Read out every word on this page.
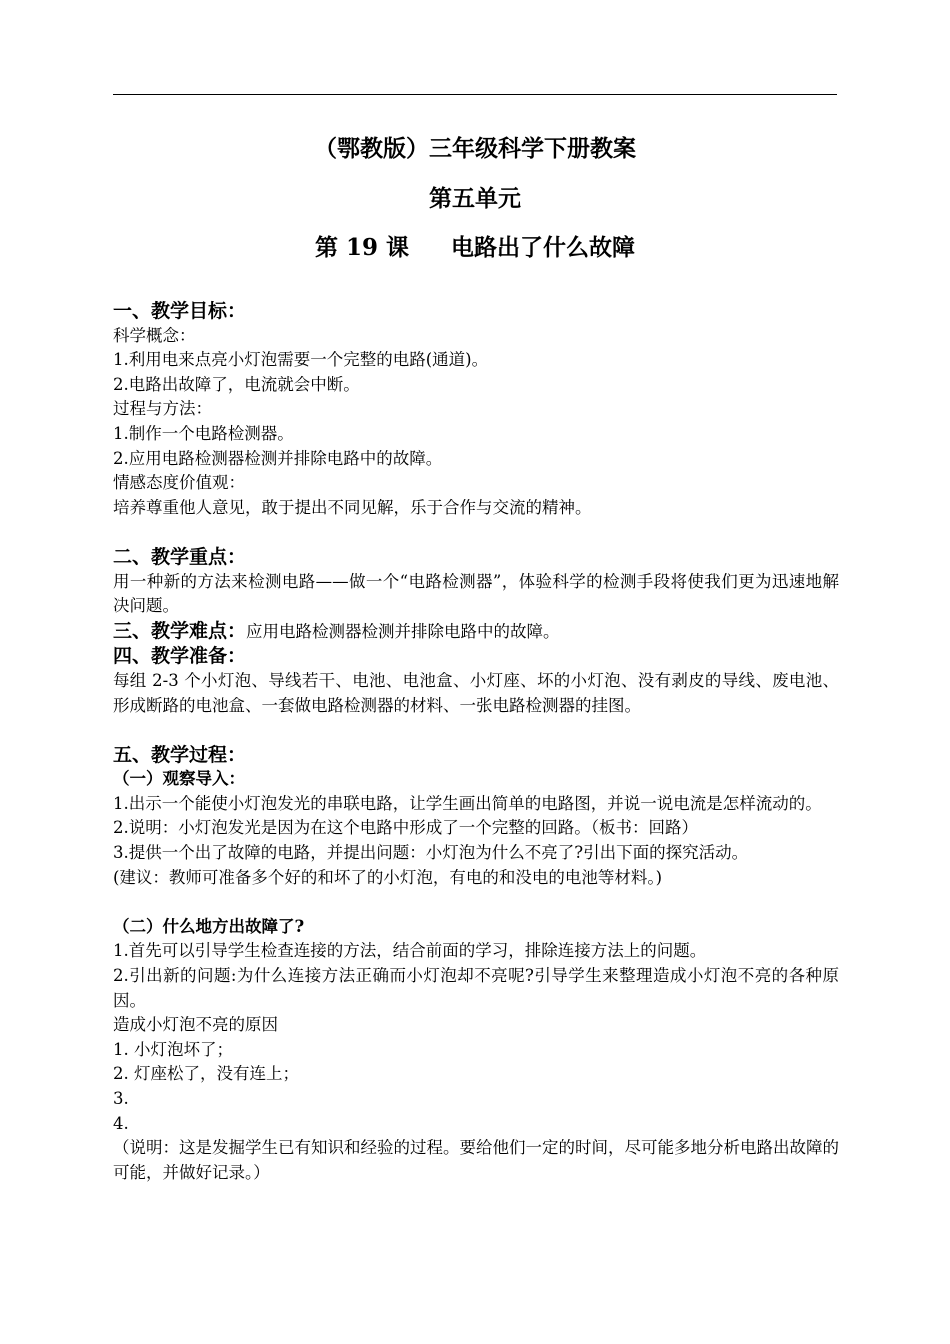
（鄂教版）三年级科学下册教案
第五单元
第 19 课 电路出了什么故障

一、教学目标：

科学概念：

1.利用电来点亮小灯泡需要一个完整的电路(通道)。

2.电路出故障了，电流就会中断。

过程与方法：

1.制作一个电路检测器。

2.应用电路检测器检测并排除电路中的故障。

情感态度价值观：

培养尊重他人意见，敢于提出不同见解，乐于合作与交流的精神。

二、教学重点：

用一种新的方法来检测电路——做一个“电路检测器”，体验科学的检测手段将使我们更为迅速地解决问题。

三、教学难点：应用电路检测器检测并排除电路中的故障。

四、教学准备：

每组 2-3 个小灯泡、导线若干、电池、电池盒、小灯座、坏的小灯泡、没有剥皮的导线、废电池、形成断路的电池盒、一套做电路检测器的材料、一张电路检测器的挂图。

五、教学过程：

（一）观察导入：

1.出示一个能使小灯泡发光的串联电路，让学生画出简单的电路图，并说一说电流是怎样流动的。

2.说明：小灯泡发光是因为在这个电路中形成了一个完整的回路。（板书：回路）

3.提供一个出了故障的电路，并提出问题：小灯泡为什么不亮了?引出下面的探究活动。

(建议：教师可准备多个好的和坏了的小灯泡，有电的和没电的电池等材料。)

（二）什么地方出故障了?

1.首先可以引导学生检查连接的方法，结合前面的学习，排除连接方法上的问题。

2.引出新的问题:为什么连接方法正确而小灯泡却不亮呢?引导学生来整理造成小灯泡不亮的各种原因。

造成小灯泡不亮的原因

1. 小灯泡坏了；

2. 灯座松了，没有连上；

3.

4.

（说明：这是发掘学生已有知识和经验的过程。要给他们一定的时间，尽可能多地分析电路出故障的可能，并做好记录。）
